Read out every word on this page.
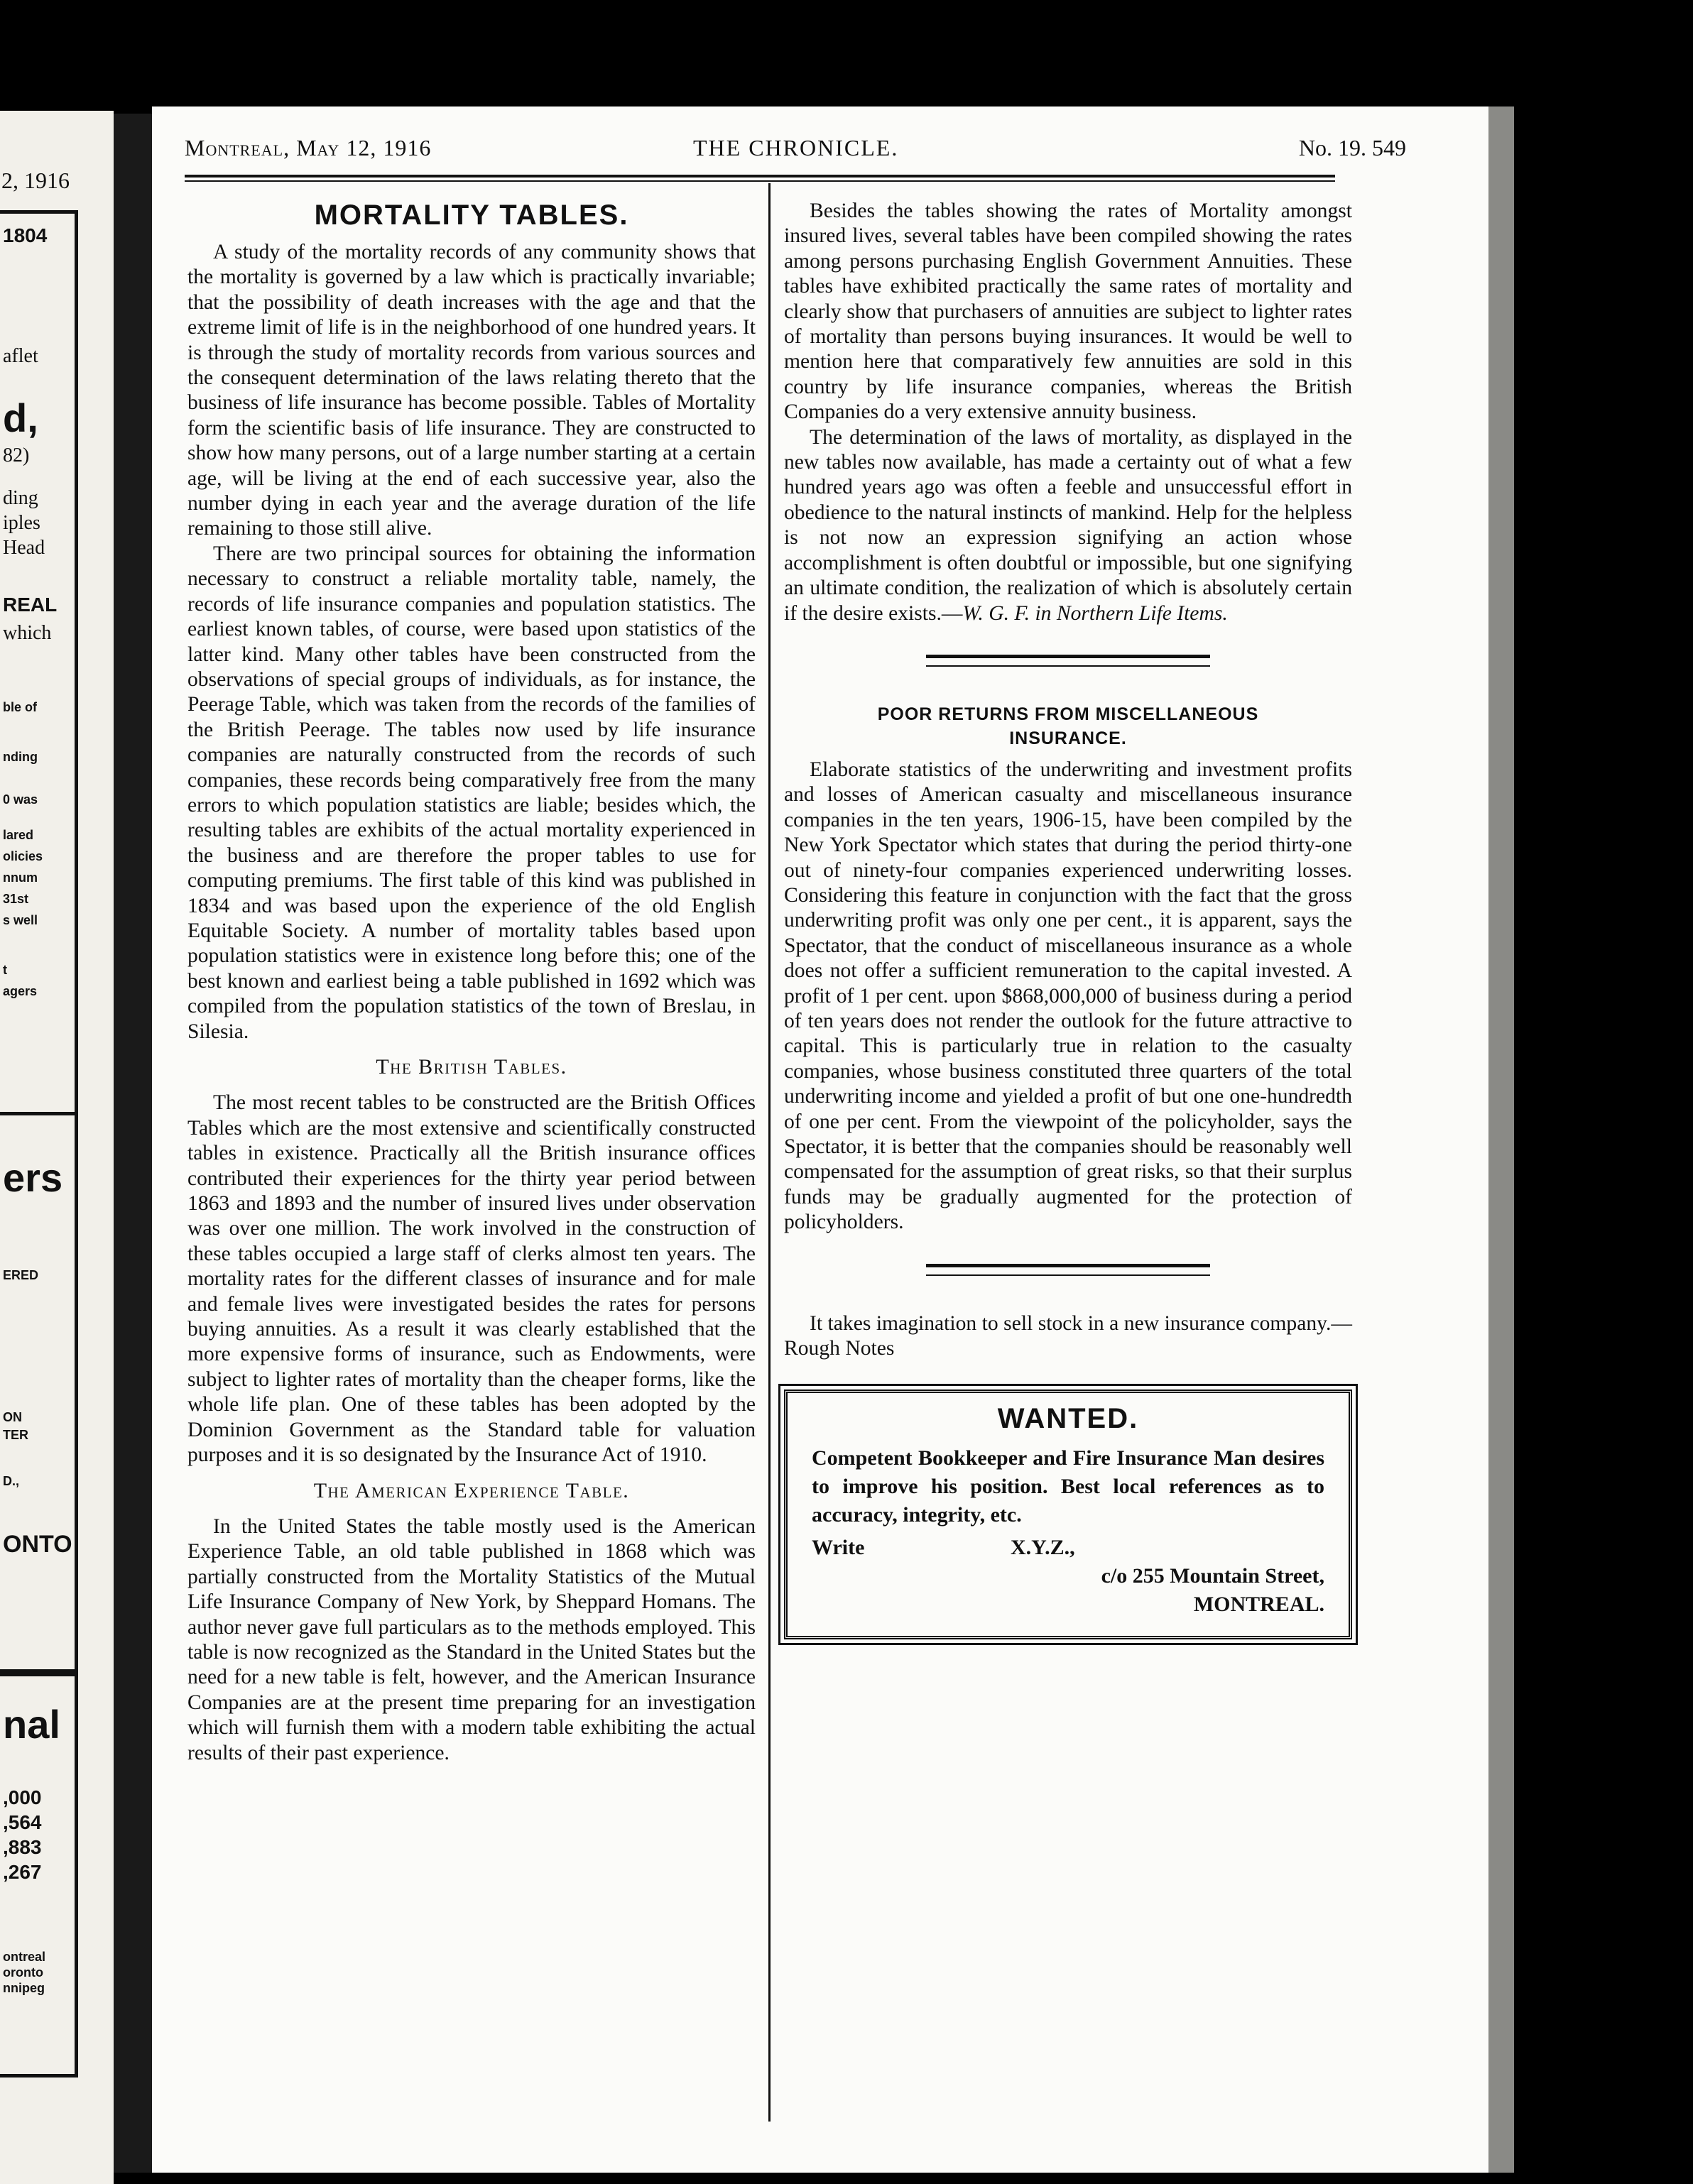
2, 1916
1804
aflet
d,
82)
ding
iples
Head
REAL
which
ble of
nding
0 was
lared
olicies
nnum
31st
s well
t
agers
ers
ERED
ON
TER
D.,
ONTO
nal
,000
,564
,883
,267
ontreal
oronto
nnipeg
Montreal, May 12, 1916	THE CHRONICLE.	No. 19. 549
MORTALITY TABLES.

A study of the mortality records of any community shows that the mortality is governed by a law which is practically invariable; that the possibility of death increases with the age and that the extreme limit of life is in the neighborhood of one hundred years. It is through the study of mortality records from various sources and the consequent determination of the laws relating thereto that the business of life insurance has become possible. Tables of Mortality form the scientific basis of life insurance. They are constructed to show how many persons, out of a large number starting at a certain age, will be living at the end of each successive year, also the number dying in each year and the average duration of the life remaining to those still alive.

There are two principal sources for obtaining the information necessary to construct a reliable mortality table, namely, the records of life insurance companies and population statistics. The earliest known tables, of course, were based upon statistics of the latter kind. Many other tables have been constructed from the observations of special groups of individuals, as for instance, the Peerage Table, which was taken from the records of the families of the British Peerage. The tables now used by life insurance companies are naturally constructed from the records of such companies, these records being comparatively free from the many errors to which population statistics are liable; besides which, the resulting tables are exhibits of the actual mortality experienced in the business and are therefore the proper tables to use for computing premiums. The first table of this kind was published in 1834 and was based upon the experience of the old English Equitable Society. A number of mortality tables based upon population statistics were in existence long before this; one of the best known and earliest being a table published in 1692 which was compiled from the population statistics of the town of Breslau, in Silesia.

The British Tables.

The most recent tables to be constructed are the British Offices Tables which are the most extensive and scientifically constructed tables in existence. Practically all the British insurance offices contributed their experiences for the thirty year period between 1863 and 1893 and the number of insured lives under observation was over one million. The work involved in the construction of these tables occupied a large staff of clerks almost ten years. The mortality rates for the different classes of insurance and for male and female lives were investigated besides the rates for persons buying annuities. As a result it was clearly established that the more expensive forms of insurance, such as Endowments, were subject to lighter rates of mortality than the cheaper forms, like the whole life plan. One of these tables has been adopted by the Dominion Government as the Standard table for valuation purposes and it is so designated by the Insurance Act of 1910.

The American Experience Table.

In the United States the table mostly used is the American Experience Table, an old table published in 1868 which was partially constructed from the Mortality Statistics of the Mutual Life Insurance Company of New York, by Sheppard Homans. The author never gave full particulars as to the methods employed. This table is now recognized as the Standard in the United States but the need for a new table is felt, however, and the American Insurance Companies are at the present time preparing for an investigation which will furnish them with a modern table exhibiting the actual results of their past experience.

Besides the tables showing the rates of Mortality amongst insured lives, several tables have been compiled showing the rates among persons purchasing English Government Annuities. These tables have exhibited practically the same rates of mortality and clearly show that purchasers of annuities are subject to lighter rates of mortality than persons buying insurances. It would be well to mention here that comparatively few annuities are sold in this country by life insurance companies, whereas the British Companies do a very extensive annuity business.

The determination of the laws of mortality, as displayed in the new tables now available, has made a certainty out of what a few hundred years ago was often a feeble and unsuccessful effort in obedience to the natural instincts of mankind. Help for the helpless is not now an expression signifying an action whose accomplishment is often doubtful or impossible, but one signifying an ultimate condition, the realization of which is absolutely certain if the desire exists.—W. G. F. in Northern Life Items.

POOR RETURNS FROM MISCELLANEOUS
INSURANCE.

Elaborate statistics of the underwriting and investment profits and losses of American casualty and miscellaneous insurance companies in the ten years, 1906-15, have been compiled by the New York Spectator which states that during the period thirty-one out of ninety-four companies experienced underwriting losses. Considering this feature in conjunction with the fact that the gross underwriting profit was only one per cent., it is apparent, says the Spectator, that the conduct of miscellaneous insurance as a whole does not offer a sufficient remuneration to the capital invested. A profit of 1 per cent. upon $868,000,000 of business during a period of ten years does not render the outlook for the future attractive to capital. This is particularly true in relation to the casualty companies, whose business constituted three quarters of the total underwriting income and yielded a profit of but one one-hundredth of one per cent. From the viewpoint of the policyholder, says the Spectator, it is better that the companies should be reasonably well compensated for the assumption of great risks, so that their surplus funds may be gradually augmented for the protection of policyholders.

It takes imagination to sell stock in a new insurance company.—Rough Notes

WANTED.
Competent Bookkeeper and Fire Insurance Man desires to improve his position. Best local references as to accuracy, integrity, etc.
Write	X.Y.Z.,
c/o 255 Mountain Street,
MONTREAL.
